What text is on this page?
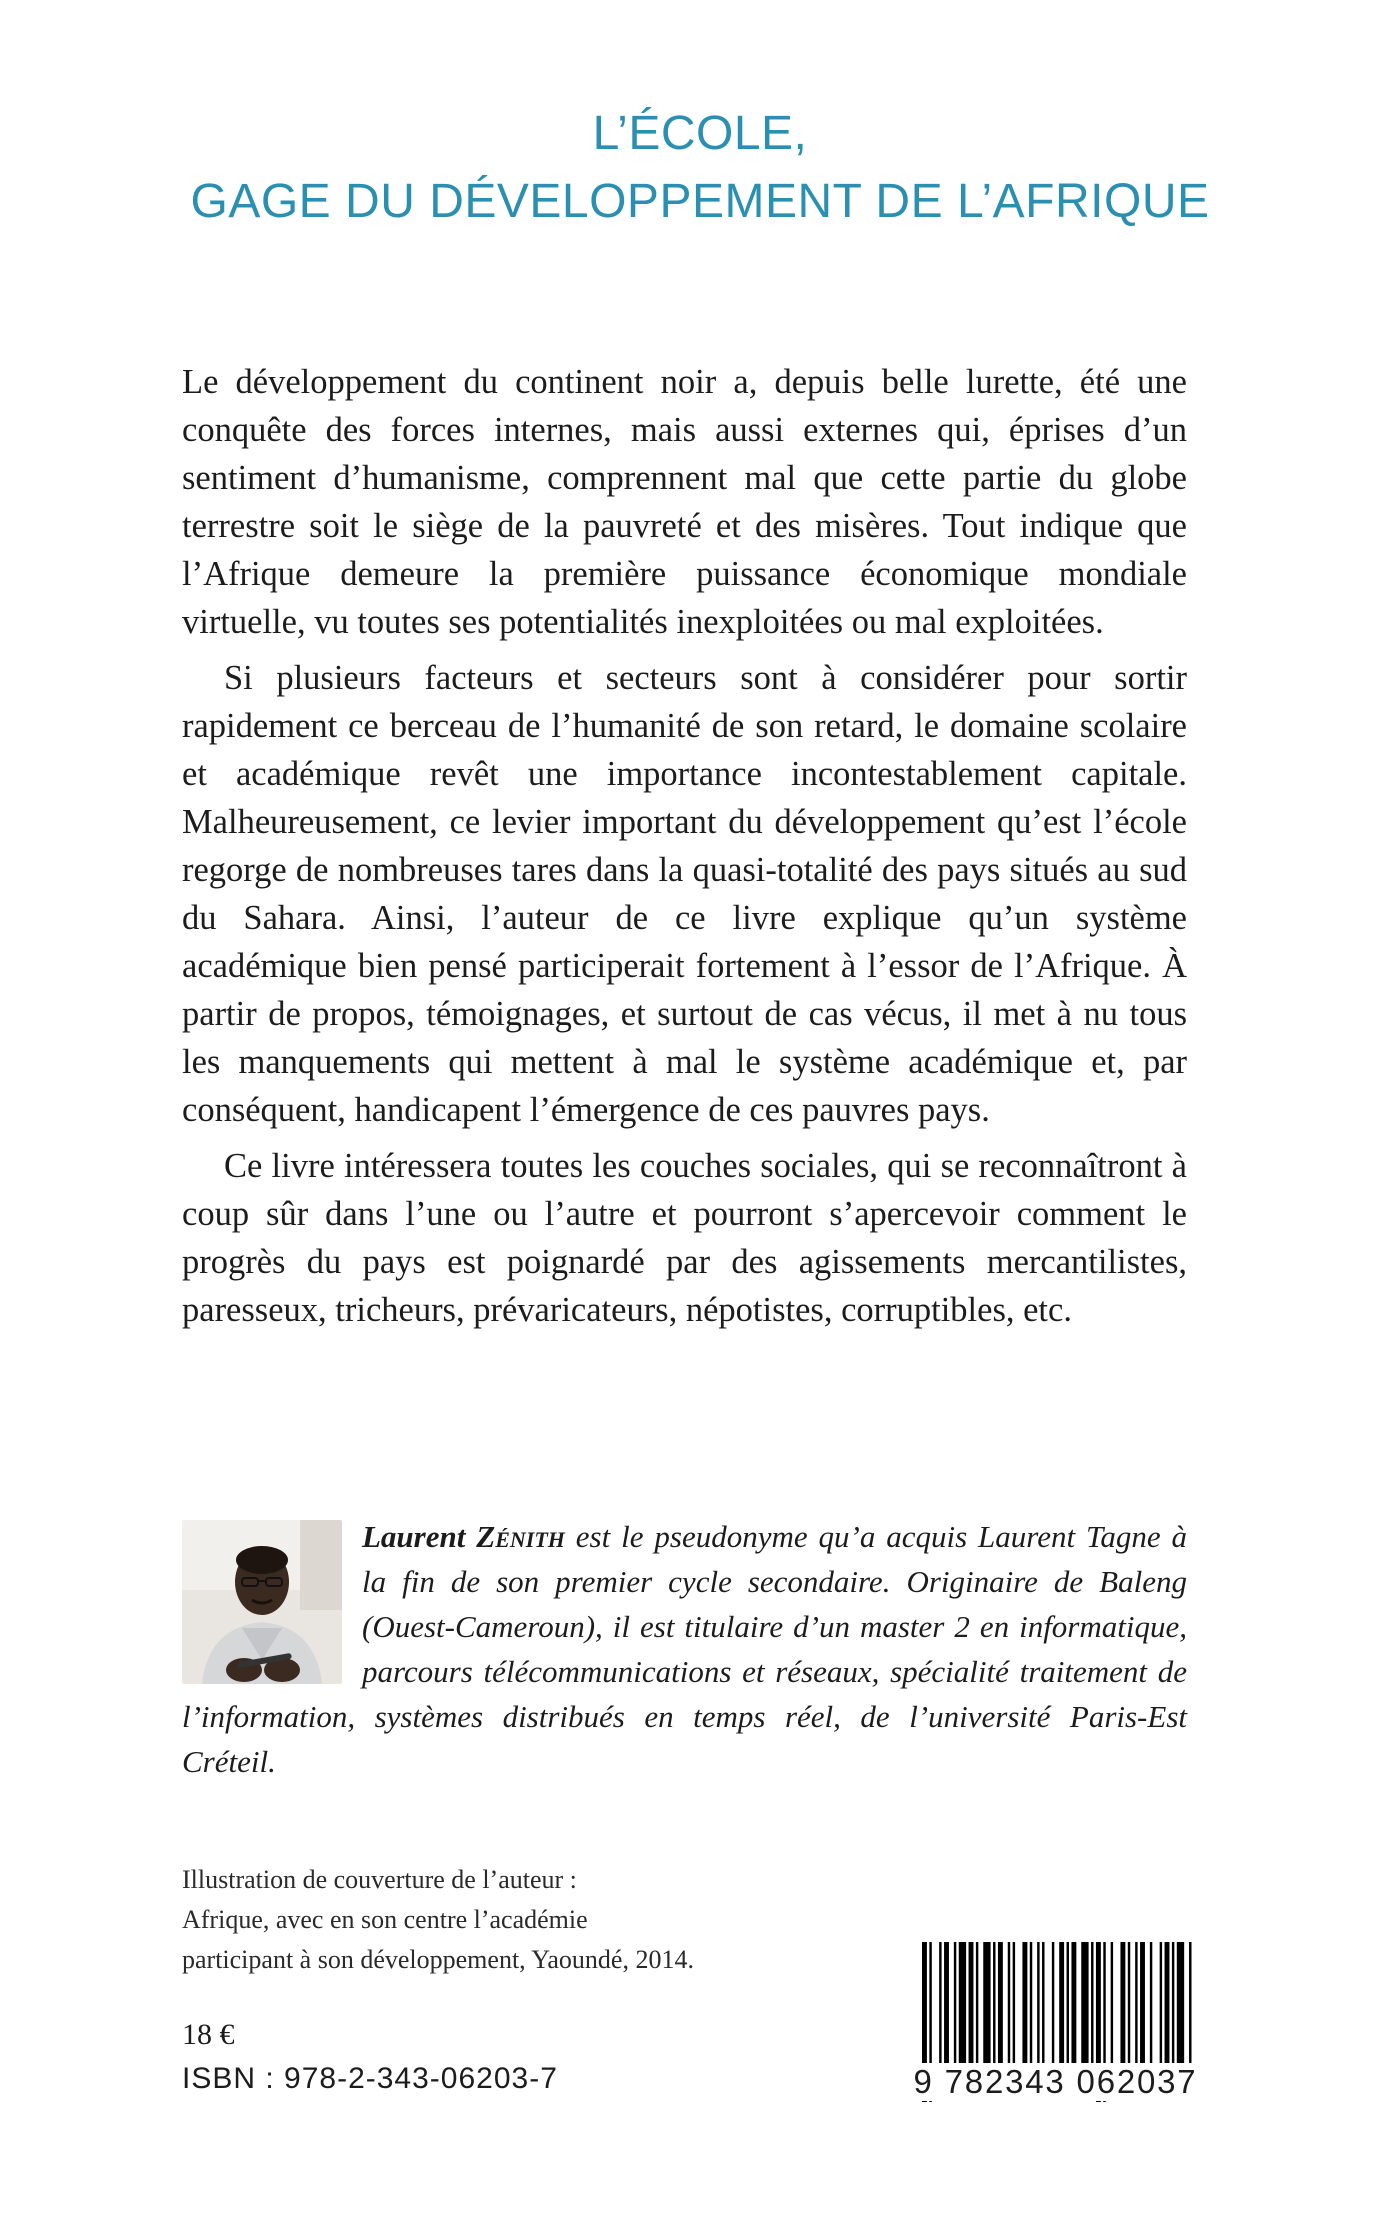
L’ÉCOLE,
GAGE DU DÉVELOPPEMENT DE L’AFRIQUE

Le développement du continent noir a, depuis belle lurette, été une conquête des forces internes, mais aussi externes qui, éprises d’un sentiment d’humanisme, comprennent mal que cette partie du globe terrestre soit le siège de la pauvreté et des misères. Tout indique que l’Afrique demeure la première puissance économique mondiale virtuelle, vu toutes ses potentialités inexploitées ou mal exploitées.

Si plusieurs facteurs et secteurs sont à considérer pour sortir rapidement ce berceau de l’humanité de son retard, le domaine scolaire et académique revêt une importance incontestablement capitale. Malheureusement, ce levier important du développement qu’est l’école regorge de nombreuses tares dans la quasi-totalité des pays situés au sud du Sahara. Ainsi, l’auteur de ce livre explique qu’un système académique bien pensé participerait fortement à l’essor de l’Afrique. À partir de propos, témoignages, et surtout de cas vécus, il met à nu tous les manquements qui mettent à mal le système académique et, par conséquent, handicapent l’émergence de ces pauvres pays.

Ce livre intéressera toutes les couches sociales, qui se reconnaîtront à coup sûr dans l’une ou l’autre et pourront s’apercevoir comment le progrès du pays est poignardé par des agissements mercantilistes, paresseux, tricheurs, prévaricateurs, népotistes, corruptibles, etc.

Laurent Zénith est le pseudonyme qu’a acquis Laurent Tagne à la fin de son premier cycle secondaire. Originaire de Baleng (Ouest-Cameroun), il est titulaire d’un master 2 en informatique, parcours télécommunications et réseaux, spécialité traitement de l’information, systèmes distribués en temps réel, de l’université Paris-Est Créteil.
Illustration de couverture de l’auteur :
Afrique, avec en son centre l’académie
participant à son développement, Yaoundé, 2014.
18 €
ISBN : 978-2-343-06203-7	9 782343 062037
